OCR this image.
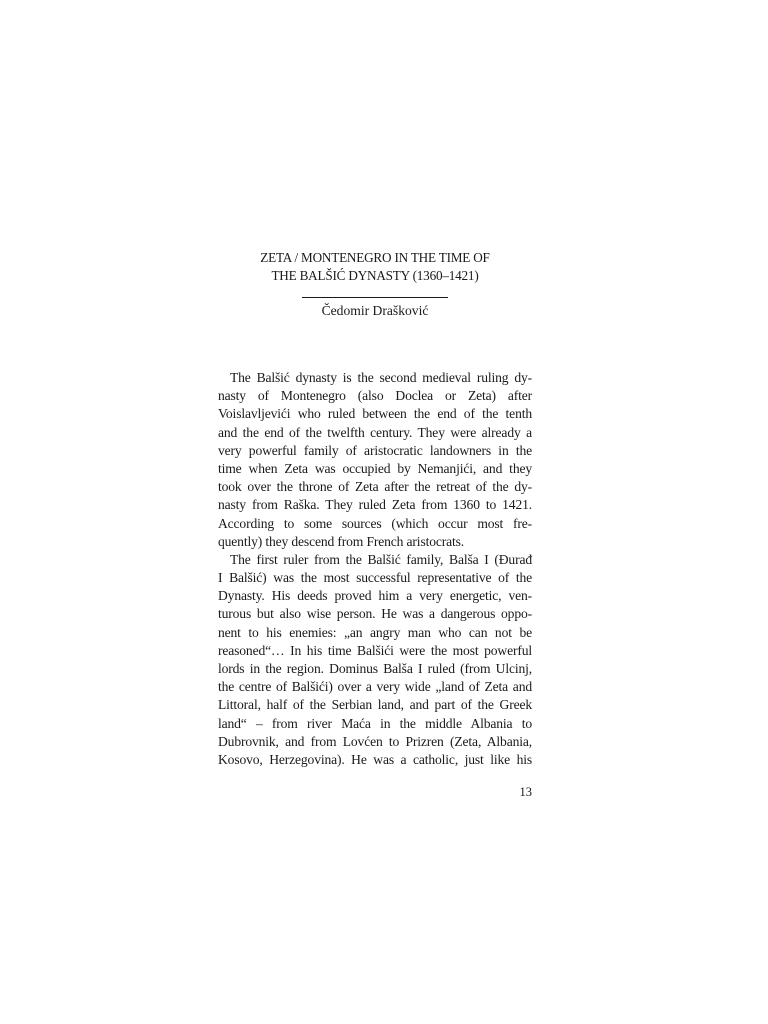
ZETA / MONTENEGRO IN THE TIME OF
THE BALŠIĆ DYNASTY (1360–1421)
Čedomir Drašković
The Balšić dynasty is the second medieval ruling dy-
nasty of Montenegro (also Doclea or Zeta) after
Voislavljevići who ruled between the end of the tenth
and the end of the twelfth century. They were already a
very powerful family of aristocratic landowners in the
time when Zeta was occupied by Nemanjići, and they
took over the throne of Zeta after the retreat of the dy-
nasty from Raška. They ruled Zeta from 1360 to 1421.
According to some sources (which occur most fre-
quently) they descend from French aristocrats.
The first ruler from the Balšić family, Balša I (Đurađ
I Balšić) was the most successful representative of the
Dynasty. His deeds proved him a very energetic, ven-
turous but also wise person. He was a dangerous oppo-
nent to his enemies: „an angry man who can not be
reasoned“… In his time Balšići were the most powerful
lords in the region. Dominus Balša I ruled (from Ulcinj,
the centre of Balšići) over a very wide „land of Zeta and
Littoral, half of the Serbian land, and part of the Greek
land“ – from river Maća in the middle Albania to
Dubrovnik, and from Lovćen to Prizren (Zeta, Albania,
Kosovo, Herzegovina). He was a catholic, just like his
13
